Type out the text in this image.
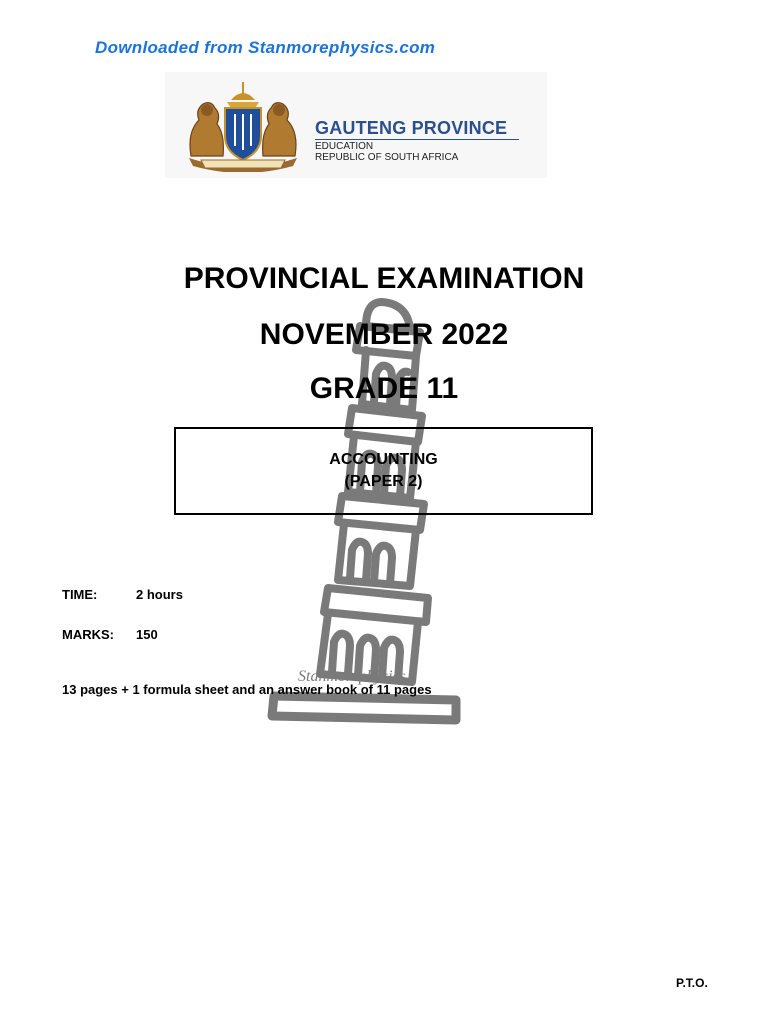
Downloaded from Stanmorephysics.com
GAUTENG PROVINCE
EDUCATION
REPUBLIC OF SOUTH AFRICA
Stanmorephysics
PROVINCIAL EXAMINATION
NOVEMBER 2022
GRADE 11
ACCOUNTING
(PAPER 2)
TIME:	2 hours
MARKS: 150
13 pages + 1 formula sheet and an answer book of 11 pages
P.T.O.
